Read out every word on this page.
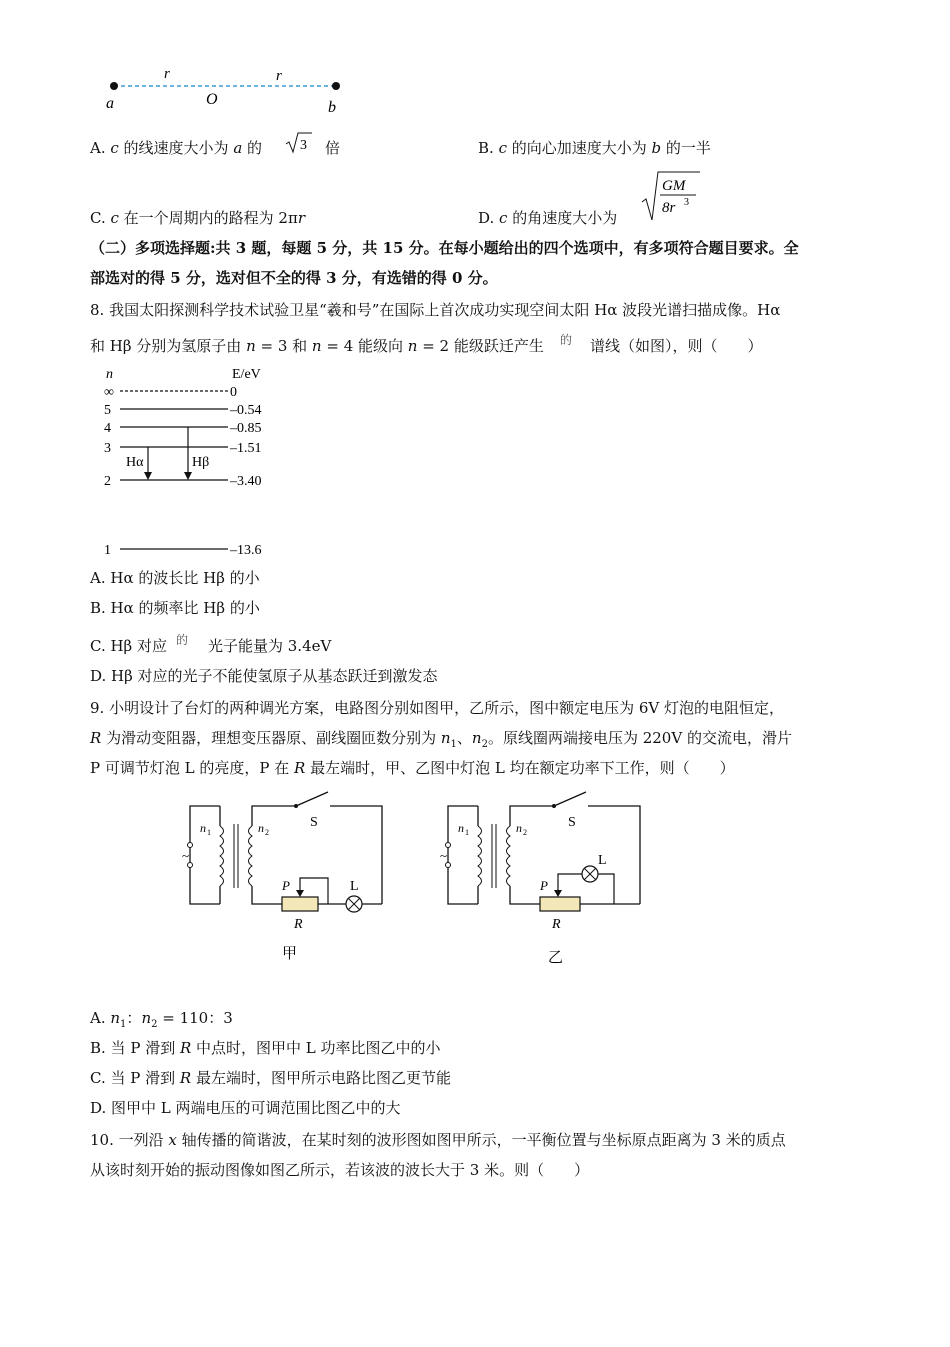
r	r
a	O	b
A. c 的线速度大小为 a 的	3 倍	B. c 的向心加速度大小为 b 的一半
C. c 在一个周期内的路程为 2πr	D. c 的角速度大小为
GM
8r 3
（二）多项选择题:共 3 题，每题 5 分，共 15 分。在每小题给出的四个选项中，有多项符合题目要求。全
部选对的得 5 分，选对但不全的得 3 分，有选错的得 0 分。
8. 我国太阳探测科学技术试验卫星“羲和号”在国际上首次成功实现空间太阳 Hα 波段光谱扫描成像。Hα
和 Hβ 分别为氢原子由 n = 3 和 n = 4 能级向 n = 2 能级跃迁产生 的 谱线（如图），则（　　）
n	E/eV
∞	0
5	–0.54
4	–0.85
3	–1.51
2	–3.40
1	–13.6
Hα	Hβ
A. Hα 的波长比 Hβ 的小
B. Hα 的频率比 Hβ 的小
C. Hβ 对应 的 光子能量为 3.4eV
D. Hβ 对应的光子不能使氢原子从基态跃迁到激发态
9. 小明设计了台灯的两种调光方案，电路图分别如图甲，乙所示，图中额定电压为 6V 灯泡的电阻恒定，
R 为滑动变阻器，理想变压器原、副线圈匝数分别为 $n_1$、$n_2$。原线圈两端接电压为 220V 的交流电，滑片
P 可调节灯泡 L 的亮度，P 在 R 最左端时，甲、乙图中灯泡 L 均在额定功率下工作，则（　　）
~
n 1	n 2
S
P
R
L
甲
~
n 1	n 2
S
P
R
L
乙
A. $n_1$：$n_2 = 110$：3
B. 当 P 滑到 R 中点时，图甲中 L 功率比图乙中的小
C. 当 P 滑到 R 最左端时，图甲所示电路比图乙更节能
D. 图甲中 L 两端电压的可调范围比图乙中的大
10. 一列沿 x 轴传播的简谐波，在某时刻的波形图如图甲所示，一平衡位置与坐标原点距离为 3 米的质点
从该时刻开始的振动图像如图乙所示，若该波的波长大于 3 米。则（　　）
